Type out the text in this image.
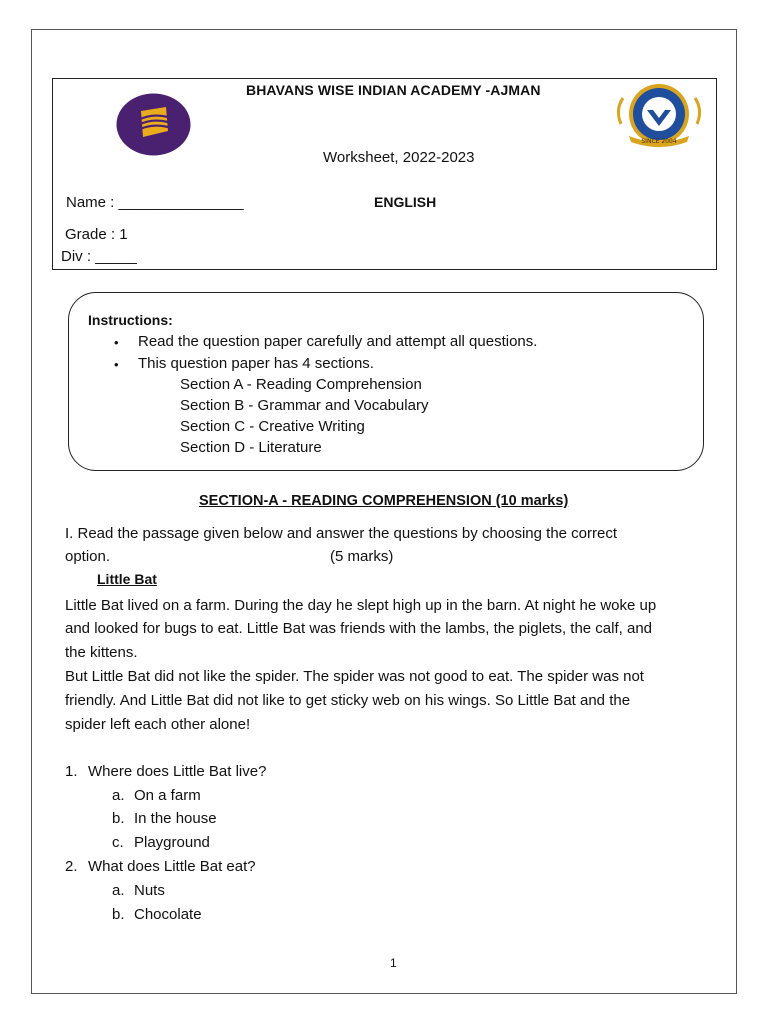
SINCE 2004
BHAVANS WISE INDIAN ACADEMY -AJMAN
Worksheet, 2022-2023
Name : _______________	ENGLISH
Grade : 1
Div : _____
Instructions:
• Read the question paper carefully and attempt all questions.
• This question paper has 4 sections.
Section A - Reading Comprehension
Section B - Grammar and Vocabulary
Section C - Creative Writing
Section D - Literature
SECTION-A - READING COMPREHENSION (10 marks)
I. Read the passage given below and answer the questions by choosing the correct
option.	(5 marks)
Little Bat
Little Bat lived on a farm. During the day he slept high up in the barn. At night he woke up
and looked for bugs to eat. Little Bat was friends with the lambs, the piglets, the calf, and
the kittens.
But Little Bat did not like the spider. The spider was not good to eat. The spider was not
friendly. And Little Bat did not like to get sticky web on his wings. So Little Bat and the
spider left each other alone!
1. Where does Little Bat live?
a. On a farm
b. In the house
c. Playground
2. What does Little Bat eat?
a. Nuts
b. Chocolate
1
